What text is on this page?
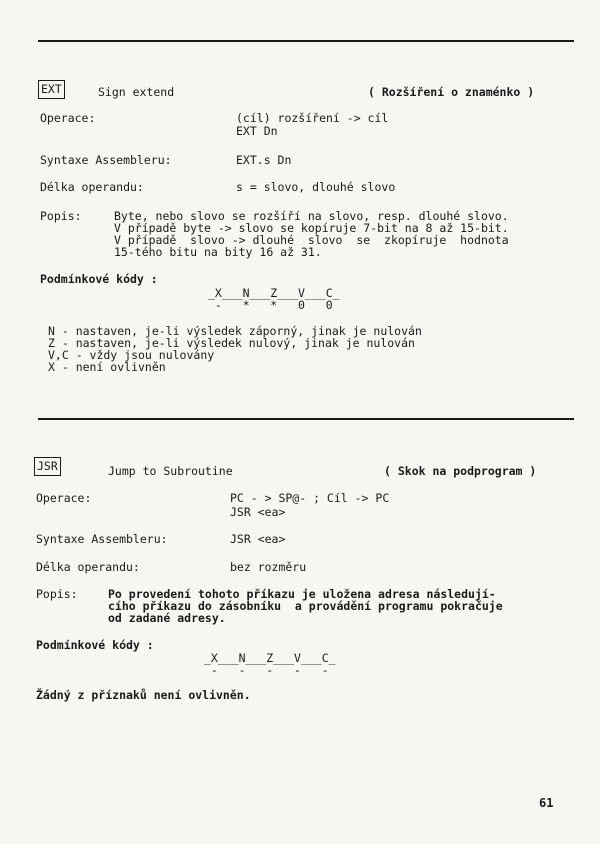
EXT	Sign extend	( Rozšíření o znaménko )
Operace:	(cíl) rozšíření -> cíl
EXT Dn
Syntaxe Assembleru:	EXT.s Dn
Délka operandu:	s = slovo, dlouhé slovo
Popis:	Byte, nebo slovo se rozšíří na slovo, resp. dlouhé slovo.
V případě byte -> slovo se kopíruje 7-bit na 8 až 15-bit.
V případě  slovo -> dlouhé  slovo  se  zkopíruje  hodnota
15-tého bitu na bity 16 až 31.
Podmínkové kódy :
_X___N___Z___V___C_
-   *   *   0   0
N - nastaven, je-li výsledek záporný, jinak je nulován
Z - nastaven, je-li výsledek nulový, jinak je nulován
V,C - vždy jsou nulovány
X - není ovlivněn
JSR	Jump to Subroutine	( Skok na podprogram )
Operace:	PC - > SP@- ; Cíl -> PC
JSR <ea>
Syntaxe Assembleru:	JSR <ea>
Délka operandu:	bez rozměru
Popis:	Po provedení tohoto příkazu je uložena adresa následují-
cího příkazu do zásobníku  a provádění programu pokračuje
od zadané adresy.
Podmínkové kódy :
_X___N___Z___V___C_
-   -   -   -   -
Žádný z příznaků není ovlivněn.
61
